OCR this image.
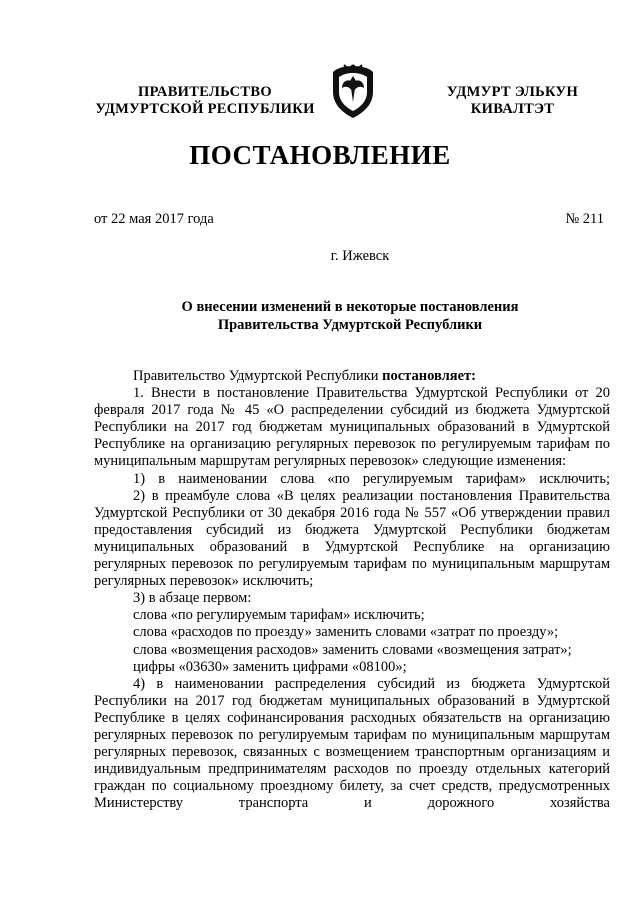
ПРАВИТЕЛЬСТВО
УДМУРТСКОЙ РЕСПУБЛИКИ
УДМУРТ ЭЛЬКУН
КИВАЛТЭТ
ПОСТАНОВЛЕНИЕ
от 22 мая 2017 года	№ 211
г. Ижевск
О внесении изменений в некоторые постановления
Правительства Удмуртской Республики

Правительство Удмуртской Республики постановляет:

1. Внести в постановление Правительства Удмуртской Республики от 20 февраля 2017 года № 45 «О распределении субсидий из бюджета Удмуртской Республики на 2017 год бюджетам муниципальных образований в Удмуртской Республике на организацию регулярных перевозок по регулируемым тарифам по муниципальным маршрутам регулярных перевозок» следующие изменения:

1) в наименовании слова «по регулируемым тарифам» исключить;

2) в преамбуле слова «В целях реализации постановления Правительства Удмуртской Республики от 30 декабря 2016 года № 557 «Об утверждении правил предоставления субсидий из бюджета Удмуртской Республики бюджетам муниципальных образований в Удмуртской Республике на организацию регулярных перевозок по регулируемым тарифам по муниципальным маршрутам регулярных перевозок» исключить;

3) в абзаце первом:

слова «по регулируемым тарифам» исключить;

слова «расходов по проезду» заменить словами «затрат по проезду»;

слова «возмещения расходов» заменить словами «возмещения затрат»;

цифры «03630» заменить цифрами «08100»;

4) в наименовании распределения субсидий из бюджета Удмуртской Республики на 2017 год бюджетам муниципальных образований в Удмуртской Республике в целях софинансирования расходных обязательств на организацию регулярных перевозок по регулируемым тарифам по муниципальным маршрутам регулярных перевозок, связанных с возмещением транспортным организациям и индивидуальным предпринимателям расходов по проезду отдельных категорий граждан по социальному проездному билету, за счет средств, предусмотренных Министерству транспорта и дорожного хозяйства
